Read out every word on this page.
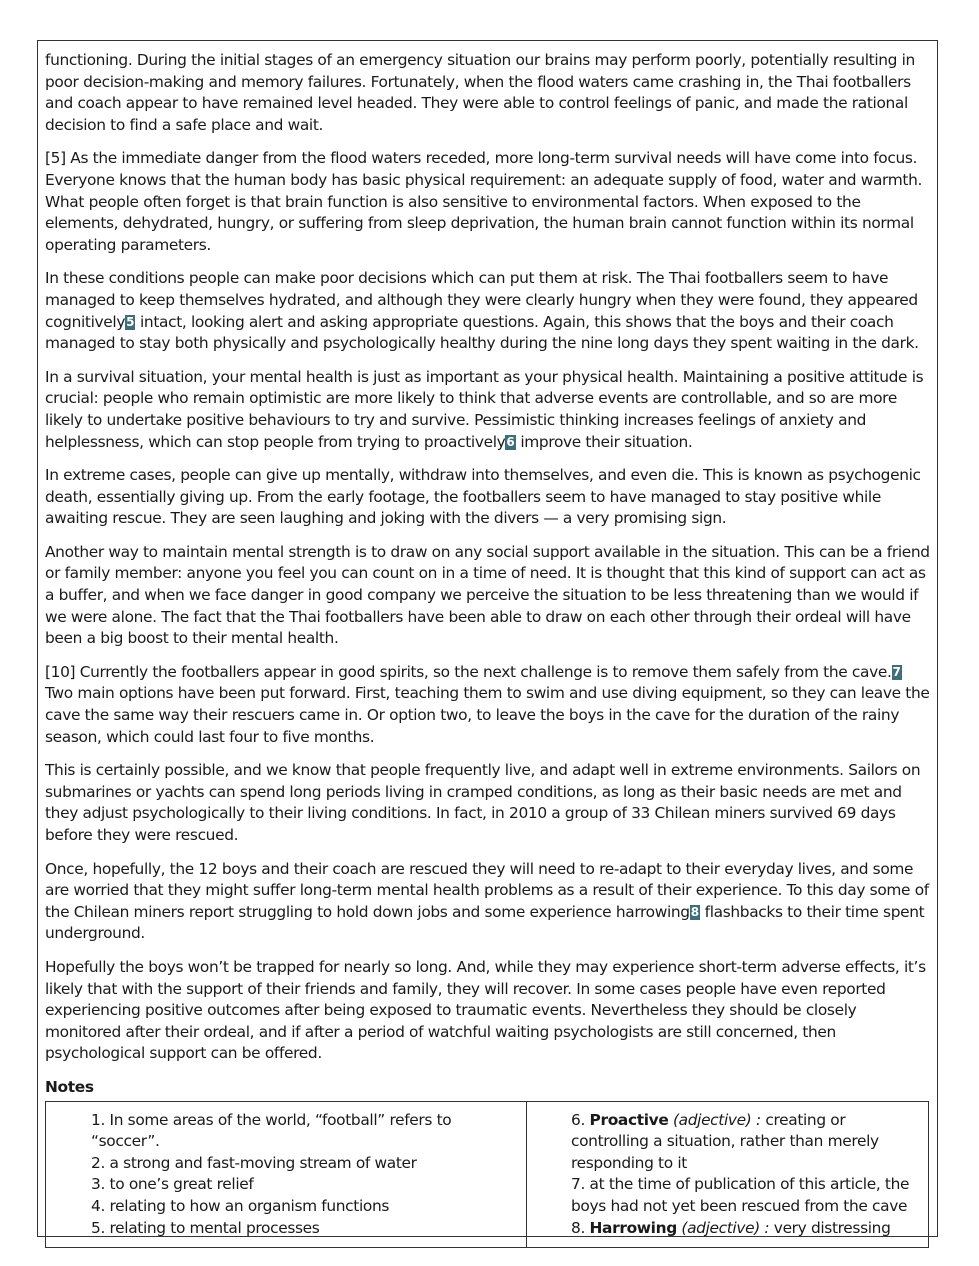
functioning. During the initial stages of an emergency situation our brains may perform poorly, potentially resulting in poor decision-making and memory failures. Fortunately, when the flood waters came crashing in, the Thai footballers and coach appear to have remained level headed. They were able to control feelings of panic, and made the rational decision to find a safe place and wait.

[5] As the immediate danger from the flood waters receded, more long-term survival needs will have come into focus. Everyone knows that the human body has basic physical requirement: an adequate supply of food, water and warmth. What people often forget is that brain function is also sensitive to environmental factors. When exposed to the elements, dehydrated, hungry, or suffering from sleep deprivation, the human brain cannot function within its normal operating parameters.

In these conditions people can make poor decisions which can put them at risk. The Thai footballers seem to have managed to keep themselves hydrated, and although they were clearly hungry when they were found, they appeared cognitively5 intact, looking alert and asking appropriate questions. Again, this shows that the boys and their coach managed to stay both physically and psychologically healthy during the nine long days they spent waiting in the dark.

In a survival situation, your mental health is just as important as your physical health. Maintaining a positive attitude is crucial: people who remain optimistic are more likely to think that adverse events are controllable, and so are more likely to undertake positive behaviours to try and survive. Pessimistic thinking increases feelings of anxiety and helplessness, which can stop people from trying to proactively6 improve their situation.

In extreme cases, people can give up mentally, withdraw into themselves, and even die. This is known as psychogenic death, essentially giving up. From the early footage, the footballers seem to have managed to stay positive while awaiting rescue. They are seen laughing and joking with the divers — a very promising sign.

Another way to maintain mental strength is to draw on any social support available in the situation. This can be a friend or family member: anyone you feel you can count on in a time of need. It is thought that this kind of support can act as a buffer, and when we face danger in good company we perceive the situation to be less threatening than we would if we were alone. The fact that the Thai footballers have been able to draw on each other through their ordeal will have been a big boost to their mental health.

[10] Currently the footballers appear in good spirits, so the next challenge is to remove them safely from the cave.7 Two main options have been put forward. First, teaching them to swim and use diving equipment, so they can leave the cave the same way their rescuers came in. Or option two, to leave the boys in the cave for the duration of the rainy season, which could last four to five months.

This is certainly possible, and we know that people frequently live, and adapt well in extreme environments. Sailors on submarines or yachts can spend long periods living in cramped conditions, as long as their basic needs are met and they adjust psychologically to their living conditions. In fact, in 2010 a group of 33 Chilean miners survived 69 days before they were rescued.

Once, hopefully, the 12 boys and their coach are rescued they will need to re-adapt to their everyday lives, and some are worried that they might suffer long-term mental health problems as a result of their experience. To this day some of the Chilean miners report struggling to hold down jobs and some experience harrowing8 flashbacks to their time spent underground.

Hopefully the boys won’t be trapped for nearly so long. And, while they may experience short-term adverse effects, it’s likely that with the support of their friends and family, they will recover. In some cases people have even reported experiencing positive outcomes after being exposed to traumatic events. Nevertheless they should be closely monitored after their ordeal, and if after a period of watchful waiting psychologists are still concerned, then psychological support can be offered.

Notes
1. In some areas of the world, “football” refers to “soccer”.
2. a strong and fast-moving stream of water
3. to one’s great relief
4. relating to how an organism functions
5. relating to mental processes
6. Proactive (adjective) : creating or controlling a situation, rather than merely responding to it
7. at the time of publication of this article, the boys had not yet been rescued from the cave
8. Harrowing (adjective) : very distressing
